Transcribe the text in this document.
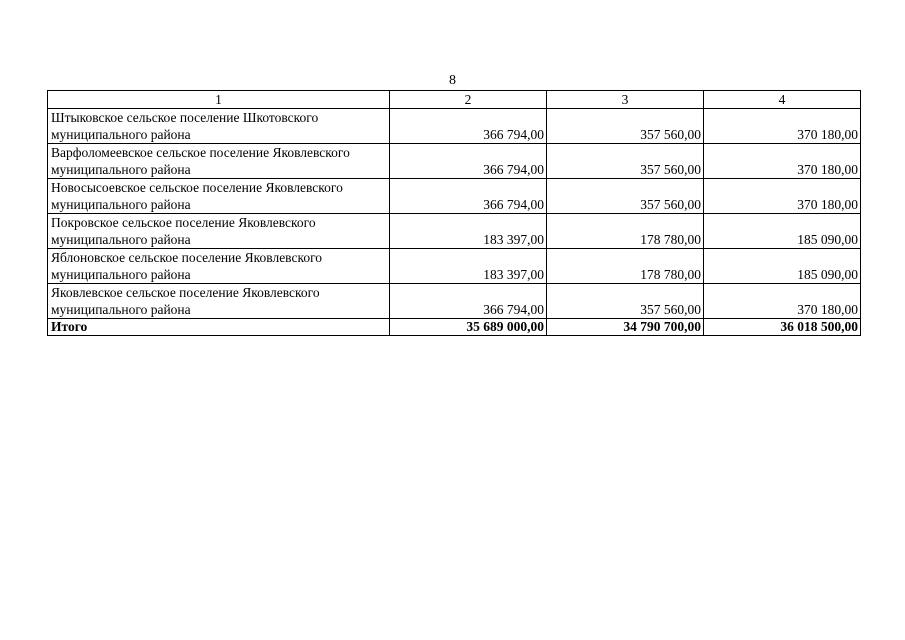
8
1	2	3	4
Штыковское сельское поселение Шкотовского муниципального района	366 794,00	357 560,00	370 180,00
Варфоломеевское сельское поселение Яковлевского муниципального района	366 794,00	357 560,00	370 180,00
Новосысоевское сельское поселение Яковлевского муниципального района	366 794,00	357 560,00	370 180,00
Покровское сельское поселение Яковлевского муниципального района	183 397,00	178 780,00	185 090,00
Яблоновское сельское поселение Яковлевского муниципального района	183 397,00	178 780,00	185 090,00
Яковлевское сельское поселение Яковлевского муниципального района	366 794,00	357 560,00	370 180,00
Итого	35 689 000,00	34 790 700,00	36 018 500,00
